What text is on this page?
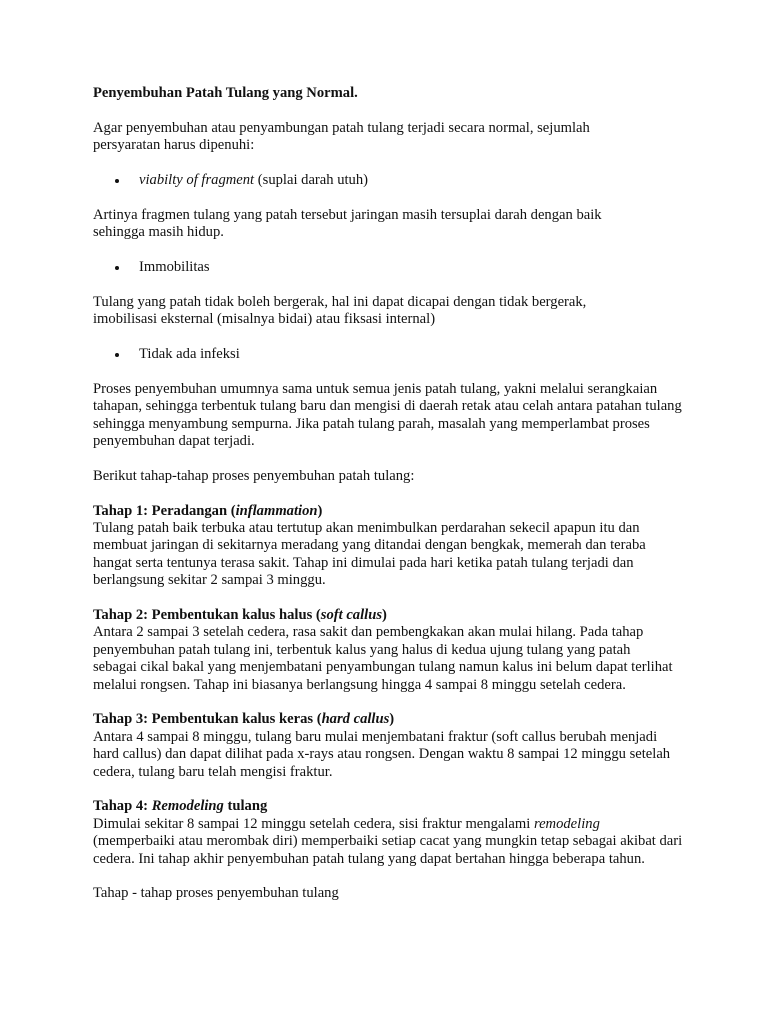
Penyembuhan Patah Tulang yang Normal.

Agar penyembuhan atau penyambungan patah tulang terjadi secara normal, sejumlah persyaratan harus dipenuhi:

viabilty of fragment (suplai darah utuh)

Artinya fragmen tulang yang patah tersebut jaringan masih tersuplai darah dengan baik sehingga masih hidup.

Immobilitas

Tulang yang patah tidak boleh bergerak, hal ini dapat dicapai dengan tidak bergerak, imobilisasi eksternal (misalnya bidai) atau fiksasi internal)

Tidak ada infeksi

Proses penyembuhan umumnya sama untuk semua jenis patah tulang, yakni melalui serangkaian tahapan, sehingga terbentuk tulang baru dan mengisi di daerah retak atau celah antara patahan tulang sehingga menyambung sempurna. Jika patah tulang parah, masalah yang memperlambat proses penyembuhan dapat terjadi.

Berikut tahap-tahap proses penyembuhan patah tulang:

Tahap 1: Peradangan (inflammation)

Tulang patah baik terbuka atau tertutup akan menimbulkan perdarahan sekecil apapun itu dan membuat jaringan di sekitarnya meradang yang ditandai dengan bengkak, memerah dan teraba hangat serta tentunya terasa sakit. Tahap ini dimulai pada hari ketika patah tulang terjadi dan berlangsung sekitar 2 sampai 3 minggu.

Tahap 2: Pembentukan kalus halus (soft callus)

Antara 2 sampai 3 setelah cedera, rasa sakit dan pembengkakan akan mulai hilang. Pada tahap penyembuhan patah tulang ini, terbentuk kalus yang halus di kedua ujung tulang yang patah sebagai cikal bakal yang menjembatani penyambungan tulang namun kalus ini belum dapat terlihat melalui rongsen. Tahap ini biasanya berlangsung hingga 4 sampai 8 minggu setelah cedera.

Tahap 3: Pembentukan kalus keras (hard callus)

Antara 4 sampai 8 minggu, tulang baru mulai menjembatani fraktur (soft callus berubah menjadi hard callus) dan dapat dilihat pada x-rays atau rongsen. Dengan waktu 8 sampai 12 minggu setelah cedera, tulang baru telah mengisi fraktur.

Tahap 4: Remodeling tulang

Dimulai sekitar 8 sampai 12 minggu setelah cedera, sisi fraktur mengalami remodeling (memperbaiki atau merombak diri) memperbaiki setiap cacat yang mungkin tetap sebagai akibat dari cedera. Ini tahap akhir penyembuhan patah tulang yang dapat bertahan hingga beberapa tahun.

Tahap - tahap proses penyembuhan tulang
